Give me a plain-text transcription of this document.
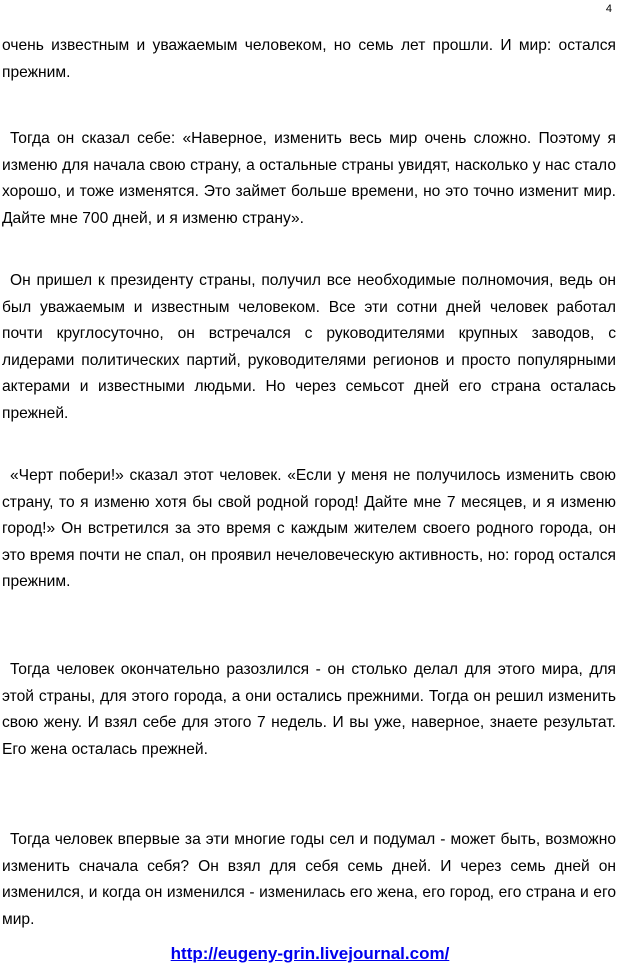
4

очень известным и уважаемым человеком, но семь лет прошли. И мир: остался прежним.

Тогда он сказал себе: «Наверное, изменить весь мир очень сложно. Поэтому я изменю для начала свою страну, а остальные страны увидят, насколько у нас стало хорошо, и тоже изменятся. Это займет больше времени, но это точно изменит мир. Дайте мне 700 дней, и я изменю страну».

Он пришел к президенту страны, получил все необходимые полномочия, ведь он был уважаемым и известным человеком. Все эти сотни дней человек работал почти круглосуточно, он встречался с руководителями крупных заводов, с лидерами политических партий, руководителями регионов и просто популярными актерами и известными людьми. Но через семьсот дней его страна осталась прежней.

«Черт побери!» сказал этот человек. «Если у меня не получилось изменить свою страну, то я изменю хотя бы свой родной город! Дайте мне 7 месяцев, и я изменю город!» Он встретился за это время с каждым жителем своего родного города, он это время почти не спал, он проявил нечеловеческую активность, но: город остался прежним.

Тогда человек окончательно разозлился - он столько делал для этого мира, для этой страны, для этого города, а они остались прежними. Тогда он решил изменить свою жену. И взял себе для этого 7 недель. И вы уже, наверное, знаете результат. Его жена осталась прежней.

Тогда человек впервые за эти многие годы сел и подумал - может быть, возможно изменить сначала себя? Он взял для себя семь дней. И через семь дней он изменился, и когда он изменился - изменилась его жена, его город, его страна и его мир.

http://eugeny-grin.livejournal.com/
